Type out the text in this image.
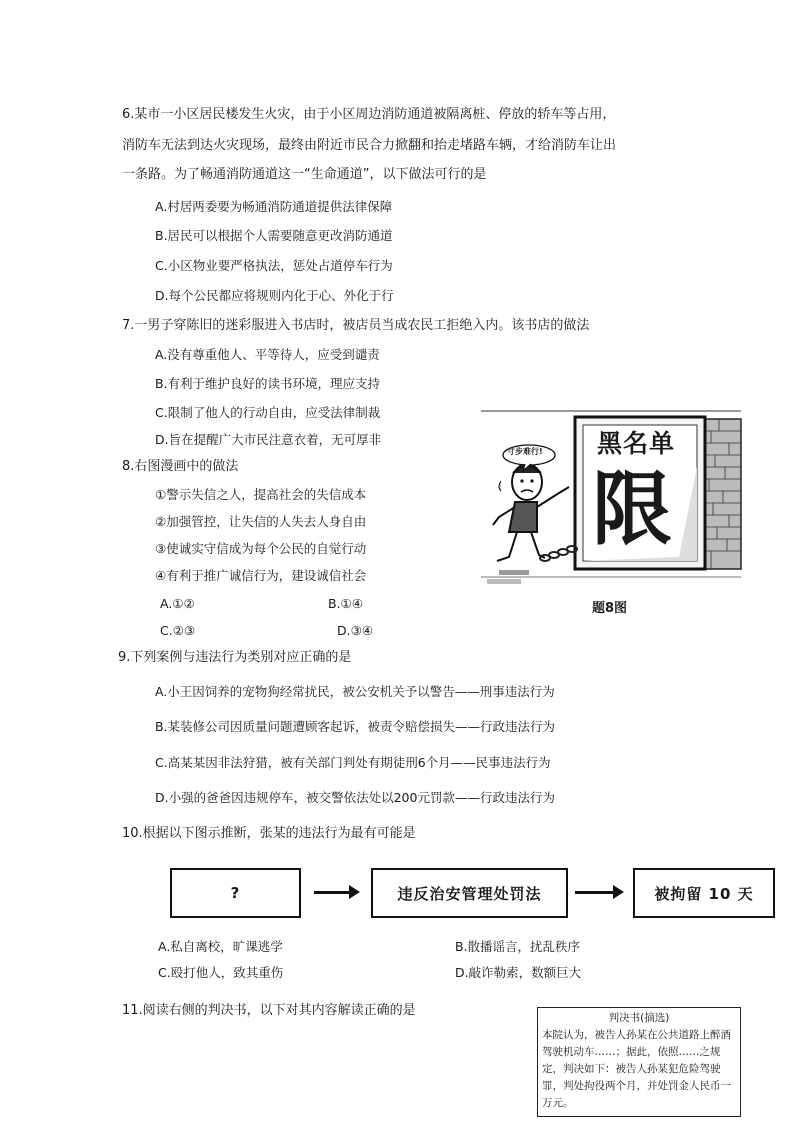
6.某市一小区居民楼发生火灾，由于小区周边消防通道被隔离桩、停放的轿车等占用，
消防车无法到达火灾现场，最终由附近市民合力掀翻和抬走堵路车辆，才给消防车让出
一条路。为了畅通消防通道这一“生命通道”，以下做法可行的是
A.村居两委要为畅通消防通道提供法律保障
B.居民可以根据个人需要随意更改消防通道
C.小区物业要严格执法，惩处占道停车行为
D.每个公民都应将规则内化于心、外化于行
7.一男子穿陈旧的迷彩服进入书店时，被店员当成农民工拒绝入内。该书店的做法
A.没有尊重他人、平等待人，应受到谴责
B.有利于维护良好的读书环境，理应支持
C.限制了他人的行动自由，应受法律制裁
D.旨在提醒广大市民注意衣着，无可厚非
8.右图漫画中的做法
①警示失信之人，提高社会的失信成本
②加强管控，让失信的人失去人身自由
③使诚实守信成为每个公民的自觉行动
④有利于推广诚信行为，建设诚信社会
A.①②	B.①④
C.②③	D.③④
寸步难行! 黑名单
限
题8图
9.下列案例与违法行为类别对应正确的是
A.小王因饲养的宠物狗经常扰民，被公安机关予以警告——刑事违法行为
B.某装修公司因质量问题遭顾客起诉，被责令赔偿损失——行政违法行为
C.高某某因非法狩猎，被有关部门判处有期徒刑6个月——民事违法行为
D.小强的爸爸因违规停车，被交警依法处以200元罚款——行政违法行为
10.根据以下图示推断，张某的违法行为最有可能是
?	违反治安管理处罚法	被拘留 10 天
A.私自离校，旷课逃学	B.散播谣言，扰乱秩序
C.殴打他人，致其重伤	D.敲诈勒索，数额巨大
11.阅读右侧的判决书，以下对其内容解读正确的是	判决书(摘选)
本院认为，被告人孙某在公共道路上醉酒驾驶机动车……；据此，依照……之规定，判决如下：被告人孙某犯危险驾驶罪，判处拘役两个月，并处罚金人民币一万元。
